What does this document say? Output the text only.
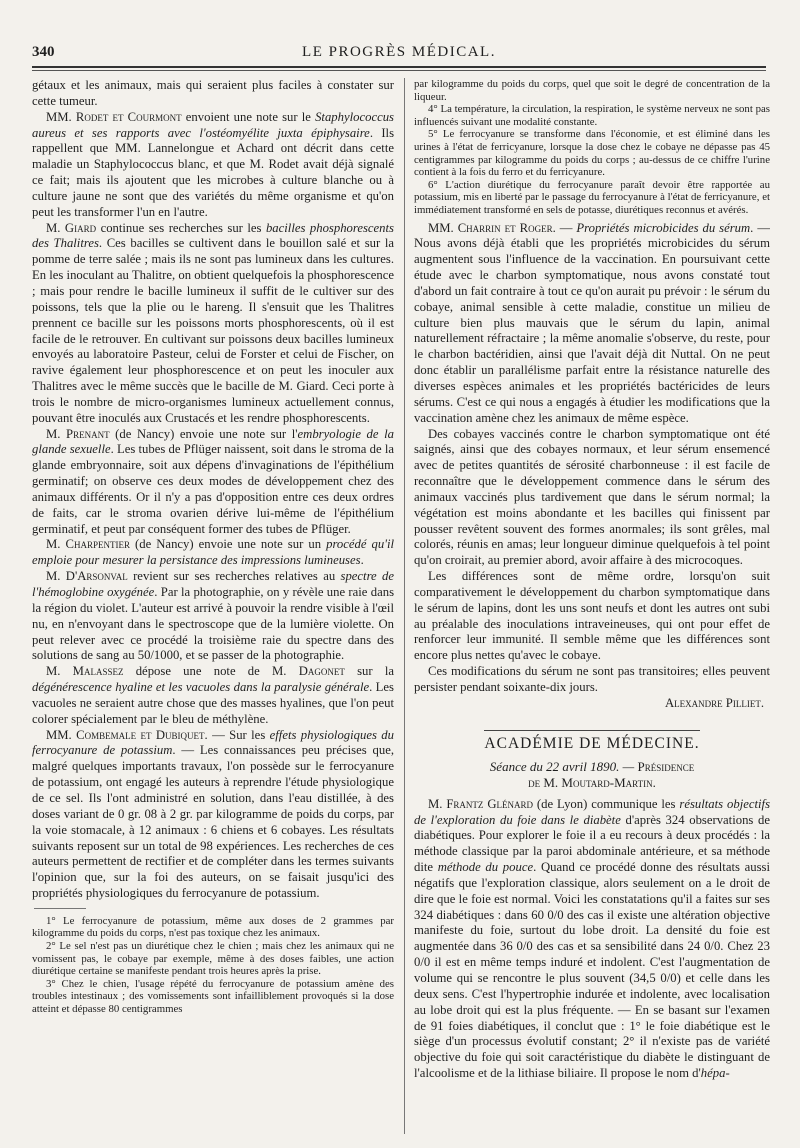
340	LE PROGRÈS MÉDICAL.

gétaux et les animaux, mais qui seraient plus faciles à constater sur cette tumeur.

MM. Rodet et Courmont envoient une note sur le Staphylococcus aureus et ses rapports avec l'ostéomyélite juxta épiphysaire. Ils rappellent que MM. Lannelongue et Achard ont décrit dans cette maladie un Staphylococcus blanc, et que M. Rodet avait déjà signalé ce fait; mais ils ajoutent que les microbes à culture blanche ou à culture jaune ne sont que des variétés du même organisme et qu'on peut les transformer l'un en l'autre.

M. Giard continue ses recherches sur les bacilles phosphorescents des Thalitres. Ces bacilles se cultivent dans le bouillon salé et sur la pomme de terre salée ; mais ils ne sont pas lumineux dans les cultures. En les inoculant au Thalitre, on obtient quelquefois la phosphorescence ; mais pour rendre le bacille lumineux il suffit de le cultiver sur des poissons, tels que la plie ou le hareng. Il s'ensuit que les Thalitres prennent ce bacille sur les poissons morts phosphorescents, où il est facile de le retrouver. En cultivant sur poissons deux bacilles lumineux envoyés au laboratoire Pasteur, celui de Forster et celui de Fischer, on ravive également leur phosphorescence et on peut les inoculer aux Thalitres avec le même succès que le bacille de M. Giard. Ceci porte à trois le nombre de micro-organismes lumineux actuellement connus, pouvant être inoculés aux Crustacés et les rendre phosphorescents.

M. Prenant (de Nancy) envoie une note sur l'embryologie de la glande sexuelle. Les tubes de Pflüger naissent, soit dans le stroma de la glande embryonnaire, soit aux dépens d'invaginations de l'épithélium germinatif; on observe ces deux modes de développement chez des animaux différents. Or il n'y a pas d'opposition entre ces deux ordres de faits, car le stroma ovarien dérive lui-même de l'épithélium germinatif, et peut par conséquent former des tubes de Pflüger.

M. Charpentier (de Nancy) envoie une note sur un procédé qu'il emploie pour mesurer la persistance des impressions lumineuses.

M. D'Arsonval revient sur ses recherches relatives au spectre de l'hémoglobine oxygénée. Par la photographie, on y révèle une raie dans la région du violet. L'auteur est arrivé à pouvoir la rendre visible à l'œil nu, en n'envoyant dans le spectroscope que de la lumière violette. On peut relever avec ce procédé la troisième raie du spectre dans des solutions de sang au 50/1000, et se passer de la photographie.

M. Malassez dépose une note de M. Dagonet sur la dégénérescence hyaline et les vacuoles dans la paralysie générale. Les vacuoles ne seraient autre chose que des masses hyalines, que l'on peut colorer spécialement par le bleu de méthylène.

MM. Combemale et Dubiquet. — Sur les effets physiologiques du ferrocyanure de potassium. — Les connaissances peu précises que, malgré quelques importants travaux, l'on possède sur le ferrocyanure de potassium, ont engagé les auteurs à reprendre l'étude physiologique de ce sel. Ils l'ont administré en solution, dans l'eau distillée, à des doses variant de 0 gr. 08 à 2 gr. par kilogramme de poids du corps, par la voie stomacale, à 12 animaux : 6 chiens et 6 cobayes. Les résultats suivants reposent sur un total de 98 expériences. Les recherches de ces auteurs permettent de rectifier et de compléter dans les termes suivants l'opinion que, sur la foi des auteurs, on se faisait jusqu'ici des propriétés physiologiques du ferrocyanure de potassium.

1° Le ferrocyanure de potassium, même aux doses de 2 grammes par kilogramme du poids du corps, n'est pas toxique chez les animaux.

2° Le sel n'est pas un diurétique chez le chien ; mais chez les animaux qui ne vomissent pas, le cobaye par exemple, même à des doses faibles, une action diurétique certaine se manifeste pendant trois heures après la prise.

3° Chez le chien, l'usage répété du ferrocyanure de potassium amène des troubles intestinaux ; des vomissements sont infailliblement provoqués si la dose atteint et dépasse 80 centigrammes

par kilogramme du poids du corps, quel que soit le degré de concentration de la liqueur.

4° La température, la circulation, la respiration, le système nerveux ne sont pas influencés suivant une modalité constante.

5° Le ferrocyanure se transforme dans l'économie, et est éliminé dans les urines à l'état de ferricyanure, lorsque la dose chez le cobaye ne dépasse pas 45 centigrammes par kilogramme du poids du corps ; au-dessus de ce chiffre l'urine contient à la fois du ferro et du ferricyanure.

6° L'action diurétique du ferrocyanure paraît devoir être rapportée au potassium, mis en liberté par le passage du ferrocyanure à l'état de ferricyanure, et immédiatement transformé en sels de potasse, diurétiques reconnus et avérés.

MM. Charrin et Roger. — Propriétés microbicides du sérum. — Nous avons déjà établi que les propriétés microbicides du sérum augmentent sous l'influence de la vaccination. En poursuivant cette étude avec le charbon symptomatique, nous avons constaté tout d'abord un fait contraire à tout ce qu'on aurait pu prévoir : le sérum du cobaye, animal sensible à cette maladie, constitue un milieu de culture bien plus mauvais que le sérum du lapin, animal naturellement réfractaire ; la même anomalie s'observe, du reste, pour le charbon bactéridien, ainsi que l'avait déjà dit Nuttal. On ne peut donc établir un parallélisme parfait entre la résistance naturelle des diverses espèces animales et les propriétés bactéricides de leurs sérums. C'est ce qui nous a engagés à étudier les modifications que la vaccination amène chez les animaux de même espèce.

Des cobayes vaccinés contre le charbon symptomatique ont été saignés, ainsi que des cobayes normaux, et leur sérum ensemencé avec de petites quantités de sérosité charbonneuse : il est facile de reconnaître que le développement commence dans le sérum des animaux vaccinés plus tardivement que dans le sérum normal; la végétation est moins abondante et les bacilles qui finissent par pousser revêtent souvent des formes anormales; ils sont grêles, mal colorés, réunis en amas; leur longueur diminue quelquefois à tel point qu'on croirait, au premier abord, avoir affaire à des microcoques.

Les différences sont de même ordre, lorsqu'on suit comparativement le développement du charbon symptomatique dans le sérum de lapins, dont les uns sont neufs et dont les autres ont subi au préalable des inoculations intraveineuses, qui ont pour effet de renforcer leur immunité. Il semble même que les différences sont encore plus nettes qu'avec le cobaye.

Ces modifications du sérum ne sont pas transitoires; elles peuvent persister pendant soixante-dix jours.

Alexandre Pilliet.

ACADÉMIE DE MÉDECINE.
Séance du 22 avril 1890. — Présidence
de M. Moutard-Martin.

M. Frantz Glénard (de Lyon) communique les résultats objectifs de l'exploration du foie dans le diabète d'après 324 observations de diabétiques. Pour explorer le foie il a eu recours à deux procédés : la méthode classique par la paroi abdominale antérieure, et sa méthode dite méthode du pouce. Quand ce procédé donne des résultats aussi négatifs que l'exploration classique, alors seulement on a le droit de dire que le foie est normal. Voici les constatations qu'il a faites sur ses 324 diabétiques : dans 60 0/0 des cas il existe une altération objective manifeste du foie, surtout du lobe droit. La densité du foie est augmentée dans 36 0/0 des cas et sa sensibilité dans 24 0/0. Chez 23 0/0 il est en même temps induré et indolent. C'est l'augmentation de volume qui se rencontre le plus souvent (34,5 0/0) et celle dans les deux sens. C'est l'hypertrophie indurée et indolente, avec localisation au lobe droit qui est la plus fréquente. — En se basant sur l'examen de 91 foies diabétiques, il conclut que : 1° le foie diabétique est le siège d'un processus évolutif constant; 2° il n'existe pas de variété objective du foie qui soit caractéristique du diabète le distinguant de l'alcoolisme et de la lithiase biliaire. Il propose le nom d'hépa-
